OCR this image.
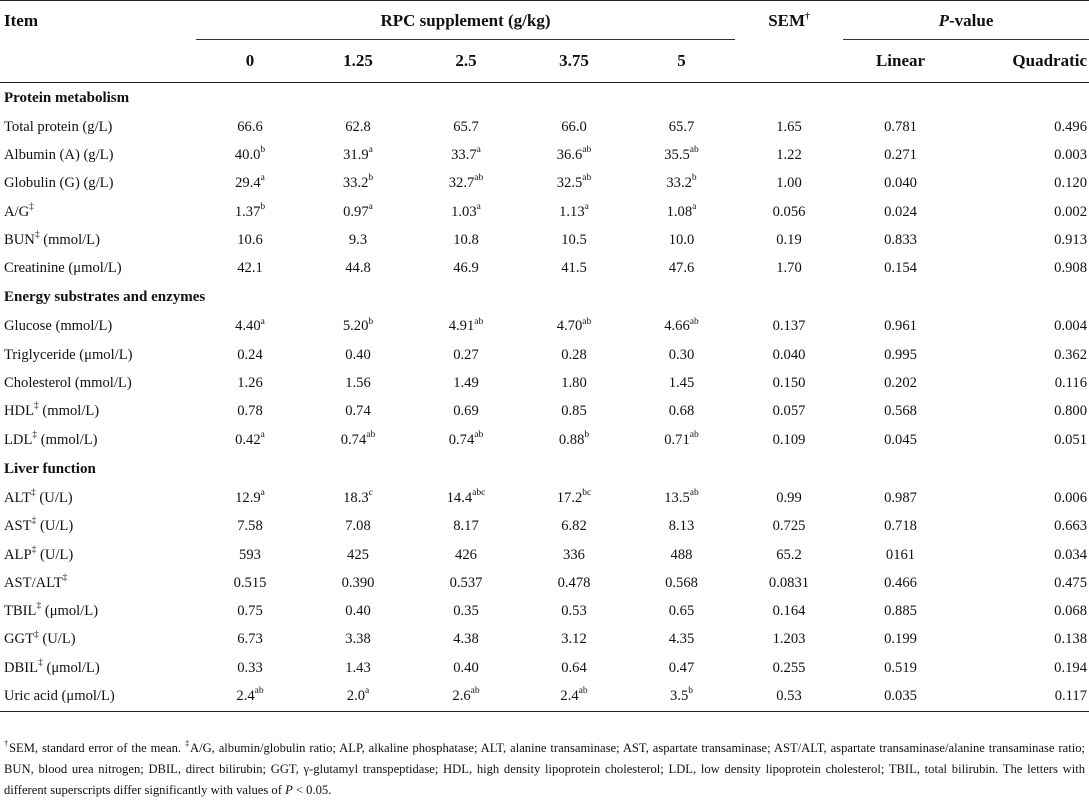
Item	RPC supplement (g/kg)					SEM†	P-value	
	0	1.25	2.5	3.75	5		Linear	Quadratic
Protein metabolism								
Total protein (g/L)	66.6	62.8	65.7	66.0	65.7	1.65	0.781	0.496
Albumin (A) (g/L)	40.0$^b$	31.9$^a$	33.7$^a$	36.6$^{ab}$	35.5$^{ab}$	1.22	0.271	0.003
Globulin (G) (g/L)	29.4$^a$	33.2$^b$	32.7$^{ab}$	32.5$^{ab}$	33.2$^b$	1.00	0.040	0.120
A/G‡	1.37$^b$	0.97$^a$	1.03$^a$	1.13$^a$	1.08$^a$	0.056	0.024	0.002
BUN‡ (mmol/L)	10.6	9.3	10.8	10.5	10.0	0.19	0.833	0.913
Creatinine (μmol/L)	42.1	44.8	46.9	41.5	47.6	1.70	0.154	0.908
Energy substrates and enzymes								
Glucose (mmol/L)	4.40$^a$	5.20$^b$	4.91$^{ab}$	4.70$^{ab}$	4.66$^{ab}$	0.137	0.961	0.004
Triglyceride (μmol/L)	0.24	0.40	0.27	0.28	0.30	0.040	0.995	0.362
Cholesterol (mmol/L)	1.26	1.56	1.49	1.80	1.45	0.150	0.202	0.116
HDL‡ (mmol/L)	0.78	0.74	0.69	0.85	0.68	0.057	0.568	0.800
LDL‡ (mmol/L)	0.42$^a$	0.74$^{ab}$	0.74$^{ab}$	0.88$^b$	0.71$^{ab}$	0.109	0.045	0.051
Liver function								
ALT‡ (U/L)	12.9$^a$	18.3$^c$	14.4$^{abc}$	17.2$^{bc}$	13.5$^{ab}$	0.99	0.987	0.006
AST‡ (U/L)	7.58	7.08	8.17	6.82	8.13	0.725	0.718	0.663
ALP‡ (U/L)	593	425	426	336	488	65.2	0161	0.034
AST/ALT‡	0.515	0.390	0.537	0.478	0.568	0.0831	0.466	0.475
TBIL‡ (μmol/L)	0.75	0.40	0.35	0.53	0.65	0.164	0.885	0.068
GGT‡ (U/L)	6.73	3.38	4.38	3.12	4.35	1.203	0.199	0.138
DBIL‡ (μmol/L)	0.33	1.43	0.40	0.64	0.47	0.255	0.519	0.194
Uric acid (μmol/L)	2.4$^{ab}$	2.0$^a$	2.6$^{ab}$	2.4$^{ab}$	3.5$^b$	0.53	0.035	0.117
†SEM, standard error of the mean. ‡A/G, albumin/globulin ratio; ALP, alkaline phosphatase; ALT, alanine transaminase; AST, aspartate transaminase; AST/ALT, aspartate transaminase/alanine transaminase ratio; BUN, blood urea nitrogen; DBIL, direct bilirubin; GGT, γ-glutamyl transpeptidase; HDL, high density lipoprotein cholesterol; LDL, low density lipoprotein cholesterol; TBIL, total bilirubin. The letters with different superscripts differ significantly with values of P < 0.05.
